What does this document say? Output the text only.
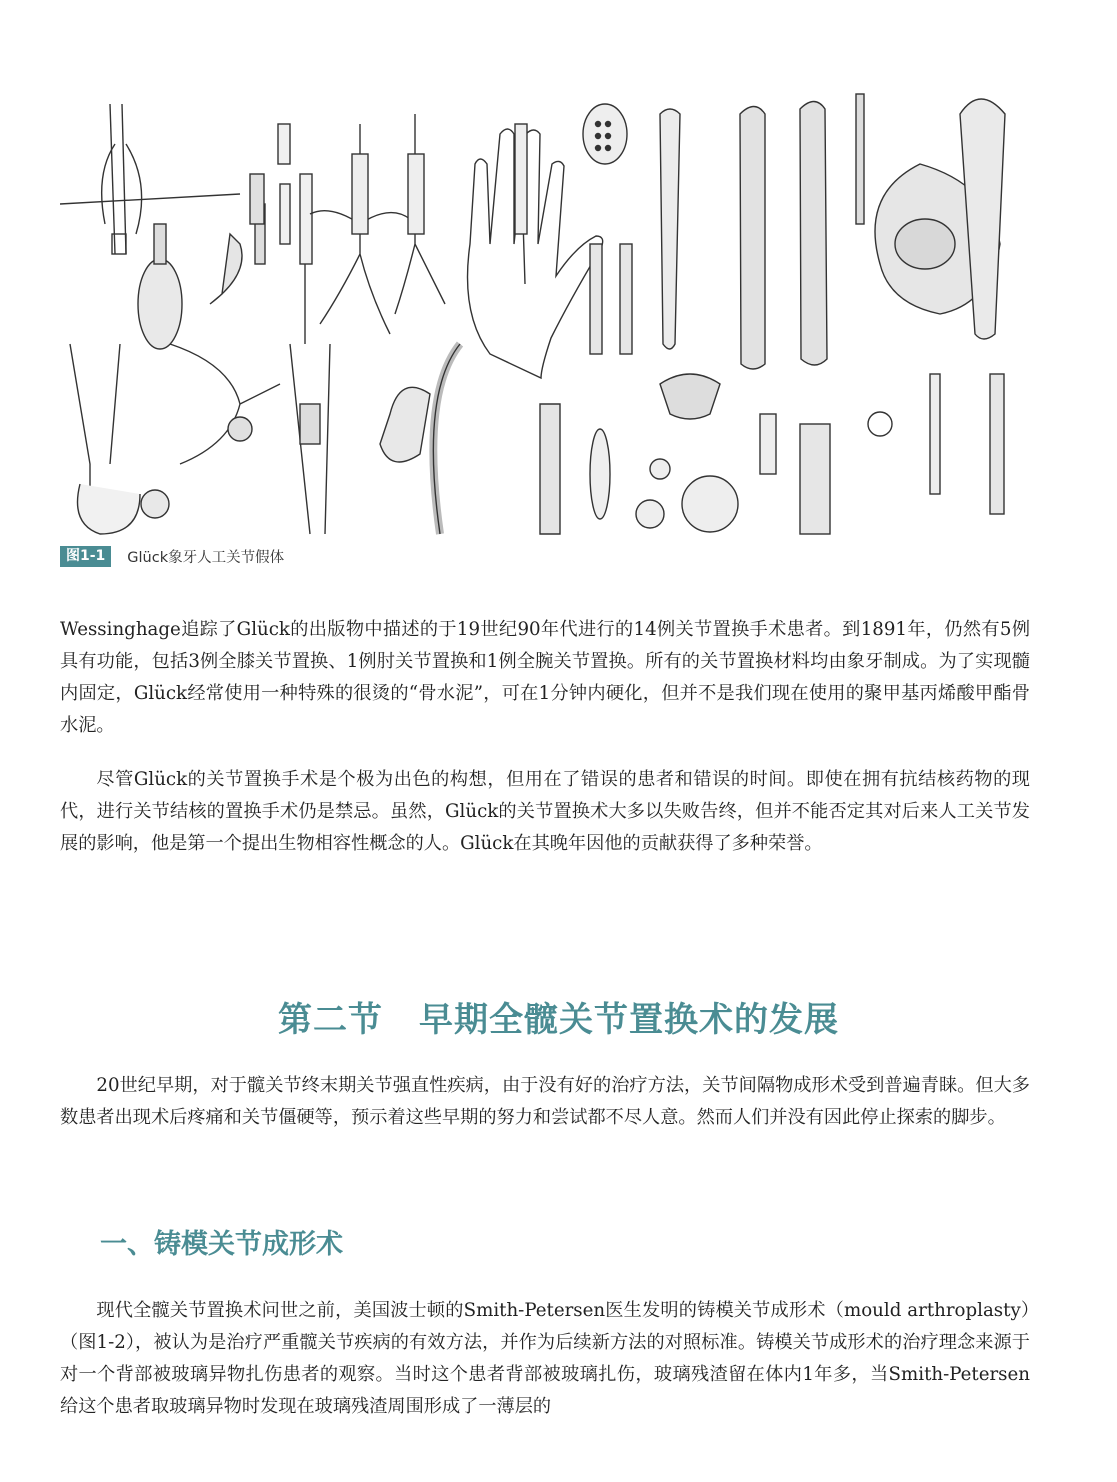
图1-1	Glück象牙人工关节假体

Wessinghage追踪了Glück的出版物中描述的于19世纪90年代进行的14例关节置换手术患者。到1891年，仍然有5例具有功能，包括3例全膝关节置换、1例肘关节置换和1例全腕关节置换。所有的关节置换材料均由象牙制成。为了实现髓内固定，Glück经常使用一种特殊的很烫的“骨水泥”，可在1分钟内硬化，但并不是我们现在使用的聚甲基丙烯酸甲酯骨水泥。

尽管Glück的关节置换手术是个极为出色的构想，但用在了错误的患者和错误的时间。即使在拥有抗结核药物的现代，进行关节结核的置换手术仍是禁忌。虽然，Glück的关节置换术大多以失败告终，但并不能否定其对后来人工关节发展的影响，他是第一个提出生物相容性概念的人。Glück在其晚年因他的贡献获得了多种荣誉。

第二节 早期全髋关节置换术的发展

20世纪早期，对于髋关节终末期关节强直性疾病，由于没有好的治疗方法，关节间隔物成形术受到普遍青睐。但大多数患者出现术后疼痛和关节僵硬等，预示着这些早期的努力和尝试都不尽人意。然而人们并没有因此停止探索的脚步。

一、铸模关节成形术

现代全髋关节置换术问世之前，美国波士顿的Smith-Petersen医生发明的铸模关节成形术（mould arthroplasty）（图1-2），被认为是治疗严重髋关节疾病的有效方法，并作为后续新方法的对照标准。铸模关节成形术的治疗理念来源于对一个背部被玻璃异物扎伤患者的观察。当时这个患者背部被玻璃扎伤，玻璃残渣留在体内1年多，当Smith-Petersen给这个患者取玻璃异物时发现在玻璃残渣周围形成了一薄层的
